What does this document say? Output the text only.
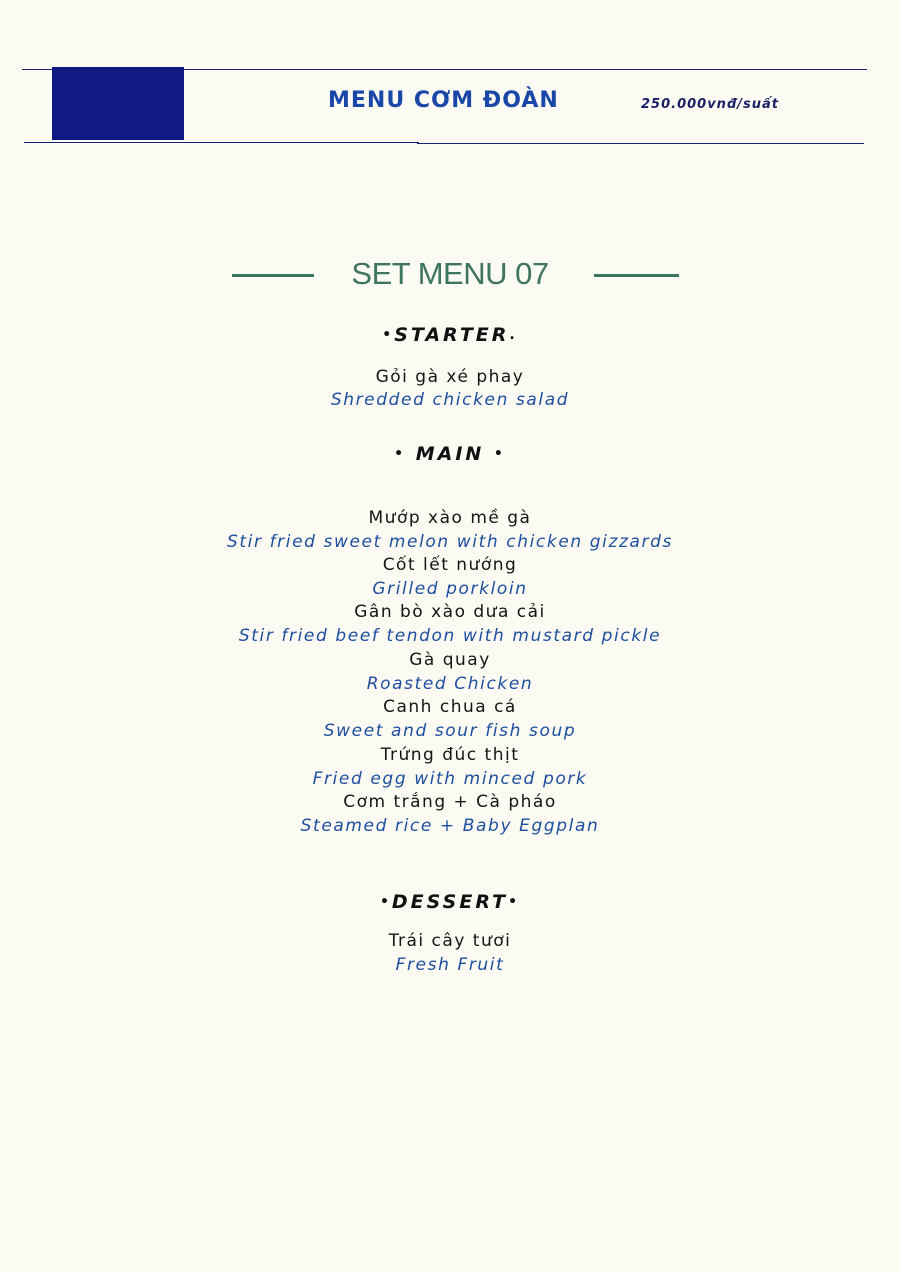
MENU CƠM ĐOÀN	250.000vnđ/suất
SET MENU 07
•STARTER.
Gỏi gà xé phay
Shredded chicken salad
• MAIN •
Mướp xào mề gà
Stir fried sweet melon with chicken gizzards
Cốt lết nướng
Grilled porkloin
Gân bò xào dưa cải
Stir fried beef tendon with mustard pickle
Gà quay
Roasted Chicken
Canh chua cá
Sweet and sour fish soup
Trứng đúc thịt
Fried egg with minced pork
Cơm trắng + Cà pháo
Steamed rice + Baby Eggplan
•DESSERT•
Trái cây tươi
Fresh Fruit
